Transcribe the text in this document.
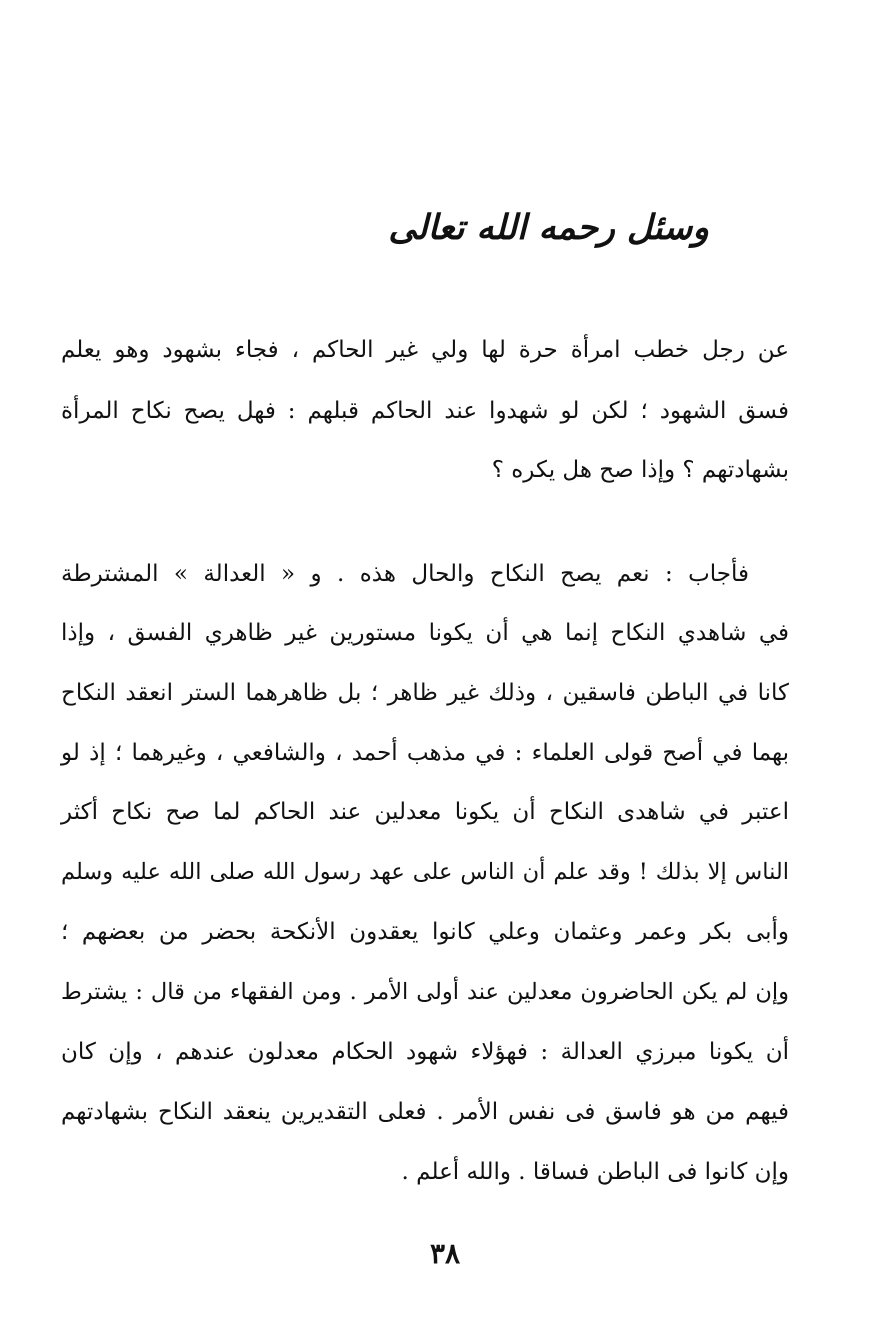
وسئل رحمه الله تعالى
عن رجل خطب امرأة حرة لها ولي غير الحاكم ، فجاء بشهود وهو يعلم
فسق الشهود ؛ لكن لو شهدوا عند الحاكم قبلهم : فهل يصح نكاح المرأة
بشهادتهم ؟ وإذا صح هل يكره ؟
فأجاب : نعم يصح النكاح والحال هذه . و « العدالة » المشترطة
في شاهدي النكاح إنما هي أن يكونا مستورين غير ظاهري الفسق ، وإذا
كانا في الباطن فاسقين ، وذلك غير ظاهر ؛ بل ظاهرهما الستر انعقد النكاح
بهما في أصح قولى العلماء : في مذهب أحمد ، والشافعي ، وغيرهما ؛ إذ لو
اعتبر في شاهدى النكاح أن يكونا معدلين عند الحاكم لما صح نكاح أكثر
الناس إلا بذلك ! وقد علم أن الناس على عهد رسول الله صلى الله عليه وسلم
وأبى بكر وعمر وعثمان وعلي كانوا يعقدون الأنكحة بحضر من بعضهم ؛
وإن لم يكن الحاضرون معدلين عند أولى الأمر . ومن الفقهاء من قال : يشترط
أن يكونا مبرزي العدالة : فهؤلاء شهود الحكام معدلون عندهم ، وإن كان
فيهم من هو فاسق فى نفس الأمر . فعلى التقديرين ينعقد النكاح بشهادتهم
وإن كانوا فى الباطن فساقا . والله أعلم .
٣٨
